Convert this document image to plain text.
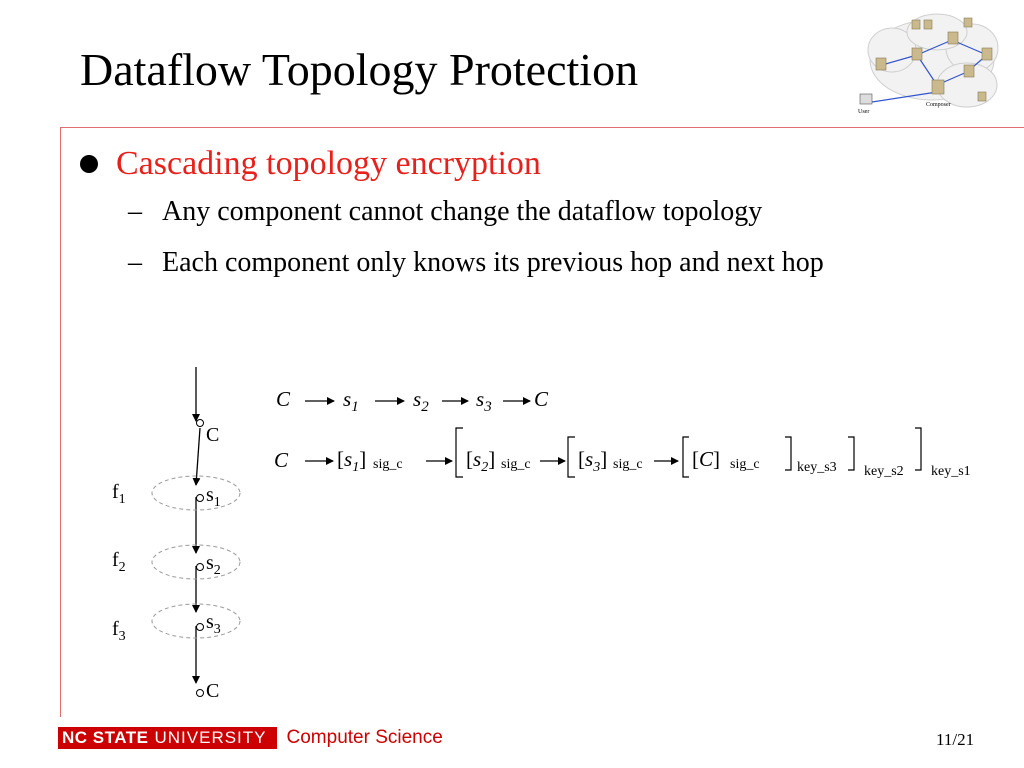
Dataflow Topology Protection
User
Composer
Cascading topology encryption
– Any component cannot change the dataflow topology
– Each component only knows its previous hop and next hop
C
$s_1$
$s_2$
$s_3$
C
$f_1$
$f_2$
$f_3$
C	$s_1$	$s_2$ $s_3$ C
C $[s_1]$ sig_c	$[s_2]$ sig_c $[s_3]$ sig_c [C] sig_c	key_s3 key_s2 key_s1
NC STATE UNIVERSITY	Computer Science	11/21
